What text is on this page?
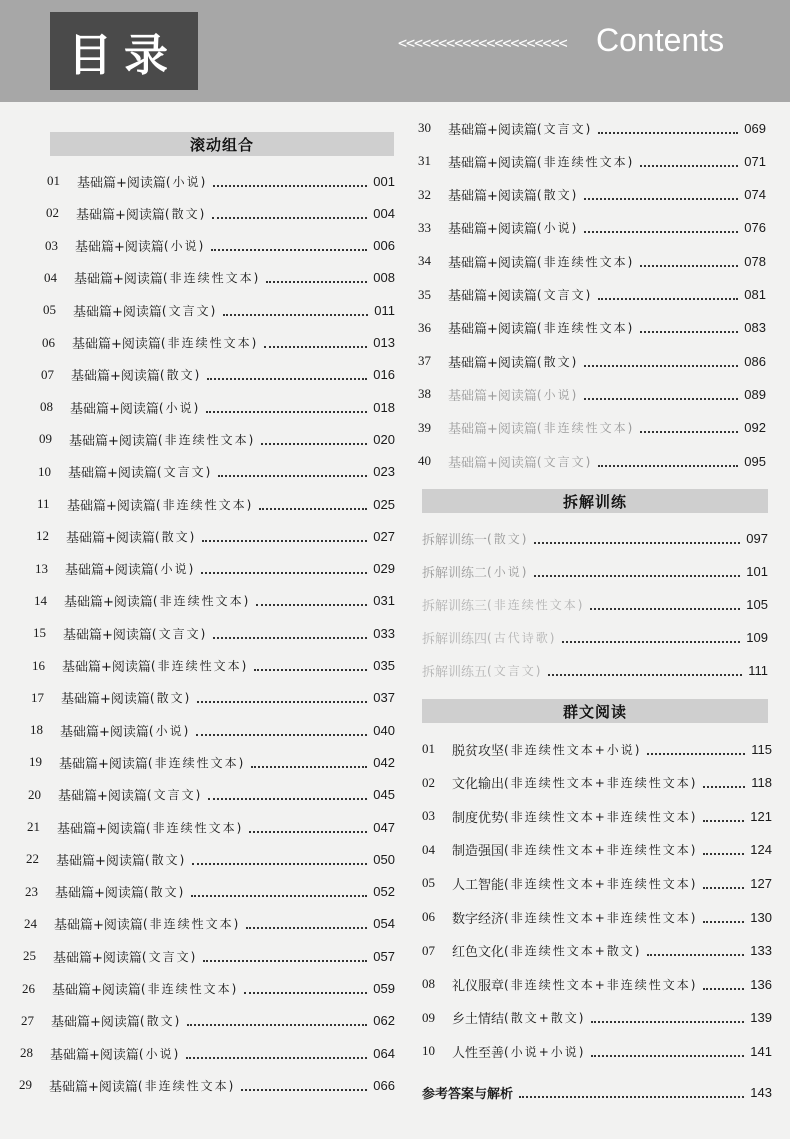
目录	<<<<<<<<<<<<<<<<<<<<< Contents
滚动组合
拆解训练
群文阅读
01	基础篇+阅读篇 (小说)	001
02	基础篇+阅读篇 (散文)	004
03	基础篇+阅读篇 (小说)	006
04	基础篇+阅读篇 (非连续性文本)	008
05	基础篇+阅读篇 (文言文)	011
06	基础篇+阅读篇 (非连续性文本)	013
07	基础篇+阅读篇 (散文)	016
08	基础篇+阅读篇 (小说)	018
09	基础篇+阅读篇 (非连续性文本)	020
10	基础篇+阅读篇 (文言文)	023
11	基础篇+阅读篇 (非连续性文本)	025
12	基础篇+阅读篇 (散文)	027
13	基础篇+阅读篇 (小说)	029
14	基础篇+阅读篇 (非连续性文本)	031
15	基础篇+阅读篇 (文言文)	033
16	基础篇+阅读篇 (非连续性文本)	035
17	基础篇+阅读篇 (散文)	037
18	基础篇+阅读篇 (小说)	040
19	基础篇+阅读篇 (非连续性文本)	042
20	基础篇+阅读篇 (文言文)	045
21	基础篇+阅读篇 (非连续性文本)	047
22	基础篇+阅读篇 (散文)	050
23	基础篇+阅读篇 (散文)	052
24	基础篇+阅读篇 (非连续性文本)	054
25	基础篇+阅读篇 (文言文)	057
26	基础篇+阅读篇 (非连续性文本)	059
27	基础篇+阅读篇 (散文)	062
28	基础篇+阅读篇 (小说)	064
29	基础篇+阅读篇 (非连续性文本)	066
30	基础篇+阅读篇 (文言文)	069
31	基础篇+阅读篇 (非连续性文本)	071
32	基础篇+阅读篇 (散文)	074
33	基础篇+阅读篇 (小说)	076
34	基础篇+阅读篇 (非连续性文本)	078
35	基础篇+阅读篇 (文言文)	081
36	基础篇+阅读篇 (非连续性文本)	083
37	基础篇+阅读篇 (散文)	086
38	基础篇+阅读篇 (小说)	089
39	基础篇+阅读篇 (非连续性文本)	092
40	基础篇+阅读篇 (文言文)	095
拆解训练一 (散文)	097
拆解训练二 (小说)	101
拆解训练三 (非连续性文本)	105
拆解训练四 (古代诗歌)	109
拆解训练五 (文言文)	111
01	脱贫攻坚 (非连续性文本+小说)	115
02	文化输出 (非连续性文本+非连续性文本)	118
03	制度优势 (非连续性文本+非连续性文本)	121
04	制造强国 (非连续性文本+非连续性文本)	124
05	人工智能 (非连续性文本+非连续性文本)	127
06	数字经济 (非连续性文本+非连续性文本)	130
07	红色文化 (非连续性文本+散文)	133
08	礼仪服章 (非连续性文本+非连续性文本)	136
09	乡土情结 (散文+散文)	139
10	人性至善 (小说+小说)	141
参考答案与解析	143
